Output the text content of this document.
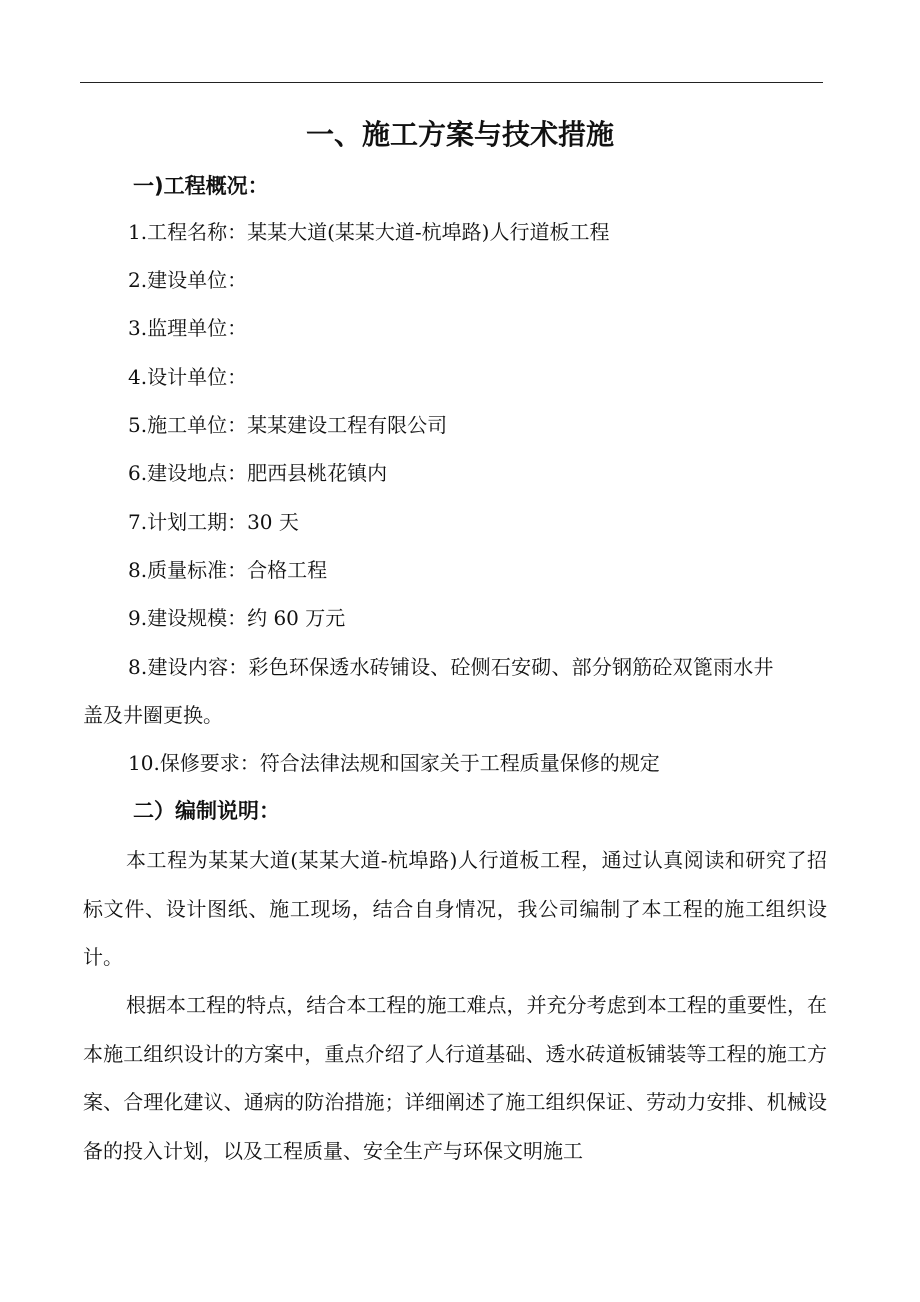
一、施工方案与技术措施
一)工程概况：
1.工程名称：某某大道(某某大道-杭埠路)人行道板工程
2.建设单位：
3.监理单位：
4.设计单位：
5.施工单位：某某建设工程有限公司
6.建设地点：肥西县桃花镇内
7.计划工期：30 天
8.质量标准：合格工程
9.建设规模：约 60 万元
8.建设内容：彩色环保透水砖铺设、砼侧石安砌、部分钢筋砼双篦雨水井
盖及井圈更换。
10.保修要求：符合法律法规和国家关于工程质量保修的规定
二）编制说明：
本工程为某某大道(某某大道-杭埠路)人行道板工程，通过认真阅读和研究了招标文件、设计图纸、施工现场，结合自身情况，我公司编制了本工程的施工组织设计。
根据本工程的特点，结合本工程的施工难点，并充分考虑到本工程的重要性，在本施工组织设计的方案中，重点介绍了人行道基础、透水砖道板铺装等工程的施工方案、合理化建议、通病的防治措施；详细阐述了施工组织保证、劳动力安排、机械设备的投入计划，以及工程质量、安全生产与环保文明施工
